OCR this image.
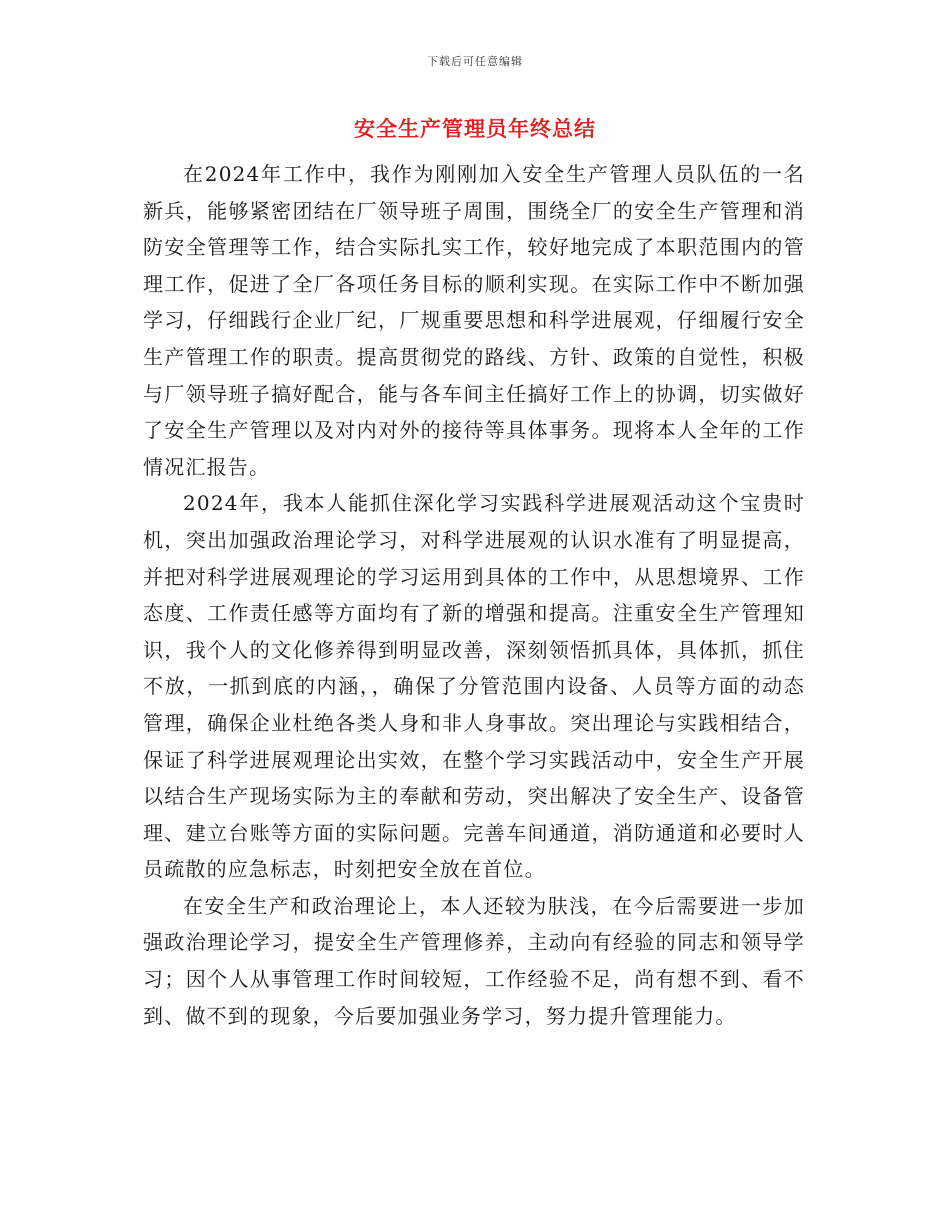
下载后可任意编辑
安全生产管理员年终总结

在2024年工作中，我作为刚刚加入安全生产管理人员队伍的一名新兵，能够紧密团结在厂领导班子周围，围绕全厂的安全生产管理和消防安全管理等工作，结合实际扎实工作，较好地完成了本职范围内的管理工作，促进了全厂各项任务目标的顺利实现。在实际工作中不断加强学习，仔细践行企业厂纪，厂规重要思想和科学进展观，仔细履行安全生产管理工作的职责。提高贯彻党的路线、方针、政策的自觉性，积极与厂领导班子搞好配合，能与各车间主任搞好工作上的协调，切实做好了安全生产管理以及对内对外的接待等具体事务。现将本人全年的工作情况汇报告。

2024年，我本人能抓住深化学习实践科学进展观活动这个宝贵时机，突出加强政治理论学习，对科学进展观的认识水准有了明显提高，并把对科学进展观理论的学习运用到具体的工作中，从思想境界、工作态度、工作责任感等方面均有了新的增强和提高。注重安全生产管理知识，我个人的文化修养得到明显改善，深刻领悟抓具体，具体抓，抓住不放，一抓到底的内涵，，确保了分管范围内设备、人员等方面的动态管理，确保企业杜绝各类人身和非人身事故。突出理论与实践相结合，保证了科学进展观理论出实效，在整个学习实践活动中，安全生产开展以结合生产现场实际为主的奉献和劳动，突出解决了安全生产、设备管理、建立台账等方面的实际问题。完善车间通道，消防通道和必要时人员疏散的应急标志，时刻把安全放在首位。

在安全生产和政治理论上，本人还较为肤浅，在今后需要进一步加强政治理论学习，提安全生产管理修养，主动向有经验的同志和领导学习；因个人从事管理工作时间较短，工作经验不足，尚有想不到、看不到、做不到的现象，今后要加强业务学习，努力提升管理能力。
